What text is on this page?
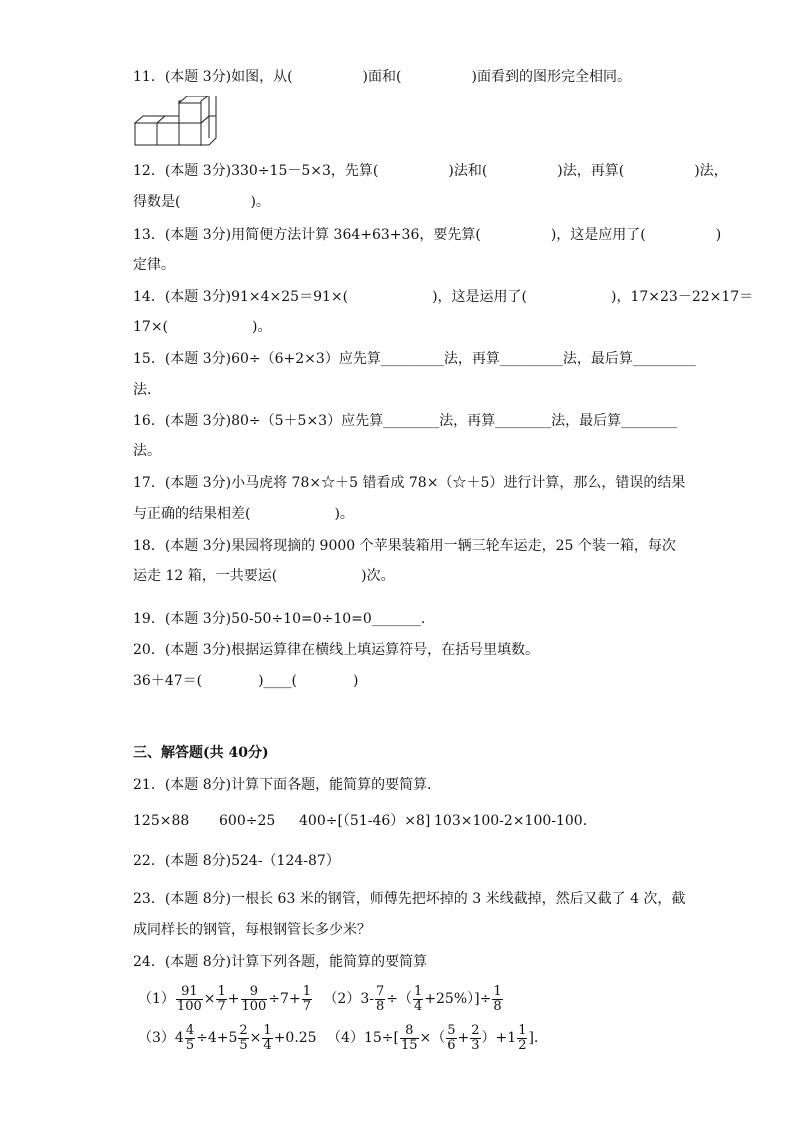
11．(本题 3分)如图，从(　　　　　)面和(　　　　　)面看到的图形完全相同。
12．(本题 3分)330÷15－5×3，先算(　　　　　)法和(　　　　　)法，再算(　　　　　)法，
得数是(　　　　　)。
13．(本题 3分)用简便方法计算 364+63+36，要先算(　　　　　)，这是应用了(　　　　　)
定律。
14．(本题 3分)91×4×25＝91×(　　　　　　)，这是运用了(　　　　　　)，17×23－22×17＝
17×(　　　　　　)。
15．(本题 3分)60÷（6+2×3）应先算_________法，再算_________法，最后算_________
法．
16．(本题 3分)80÷（5＋5×3）应先算________法，再算________法，最后算________
法。
17．(本题 3分)小马虎将 78×☆＋5 错看成 78×（☆＋5）进行计算，那么，错误的结果
与正确的结果相差(　　　　　　)。
18．(本题 3分)果园将现摘的 9000 个苹果装箱用一辆三轮车运走，25 个装一箱，每次
运走 12 箱，一共要运(　　　　　　)次。
19．(本题 3分)50-50÷10=0÷10=0_______.
20．(本题 3分)根据运算律在横线上填运算符号，在括号里填数。
36＋47＝(　　　　)____(　　　　)
三、解答题(共 40分)
21．(本题 8分)计算下面各题，能简算的要简算．
125×88 600÷25 400÷[（51-46）×8] 103×100-2×100-100．
22．(本题 8分)524-（124-87）
23．(本题 8分)一根长 63 米的钢管，师傅先把坏掉的 3 米线截掉，然后又截了 4 次，截
成同样长的钢管，每根钢管长多少米？
24．(本题 8分)计算下列各题，能简算的要简算
$(1) \frac{91}{100} \times \frac{1}{7} + \frac{9}{100} \div 7+ \frac{1}{7} (2)3- \frac{7}{8}$ ÷（ $\frac{1}{4} +25\%)]\div \frac{1}{8}$
$(3)4 \frac{4}{5} \div 4+5 \frac{2}{5} \times \frac{1}{4} +0.25$ $(4)15\div[ \frac{8}{15}$ ×（ $\frac{5}{6} + \frac{2}{3} )+1 \frac{1}{2}$ ].
